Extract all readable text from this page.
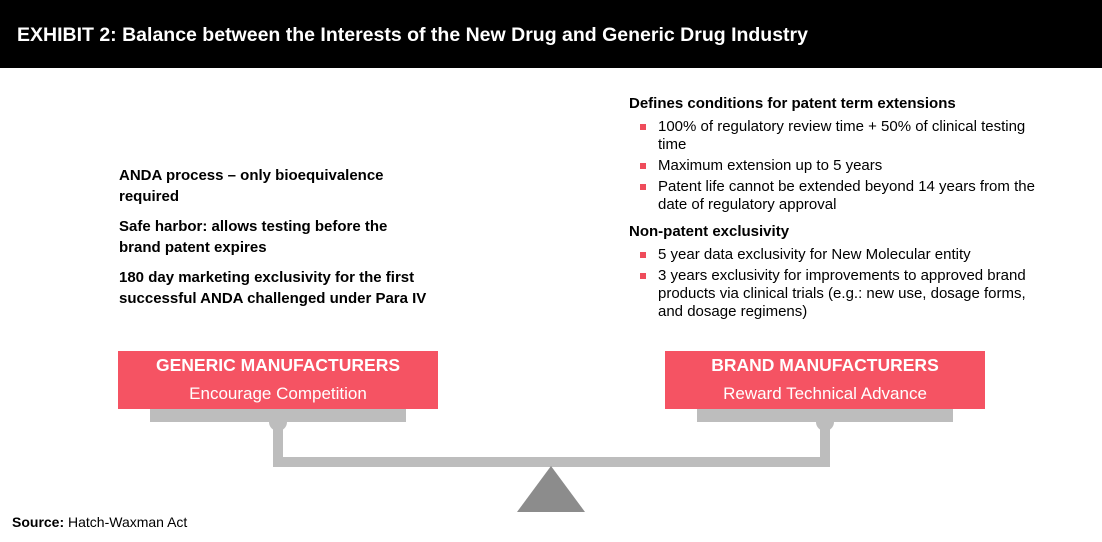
EXHIBIT 2: Balance between the Interests of the New Drug and Generic Drug Industry
ANDA process – only bioequivalence required
Safe harbor: allows testing before the brand patent expires
180 day marketing exclusivity for the first successful ANDA challenged under Para IV
Defines conditions for patent term extensions
100% of regulatory review time + 50% of clinical testing time
Maximum extension up to 5 years
Patent life cannot be extended beyond 14 years from the date of regulatory approval
Non-patent exclusivity
5 year data exclusivity for New Molecular entity
3 years exclusivity for improvements to approved brand products via clinical trials (e.g.: new use, dosage forms, and dosage regimens)
GENERIC MANUFACTURERS
Encourage Competition
BRAND MANUFACTURERS
Reward Technical Advance
Source: Hatch-Waxman Act
